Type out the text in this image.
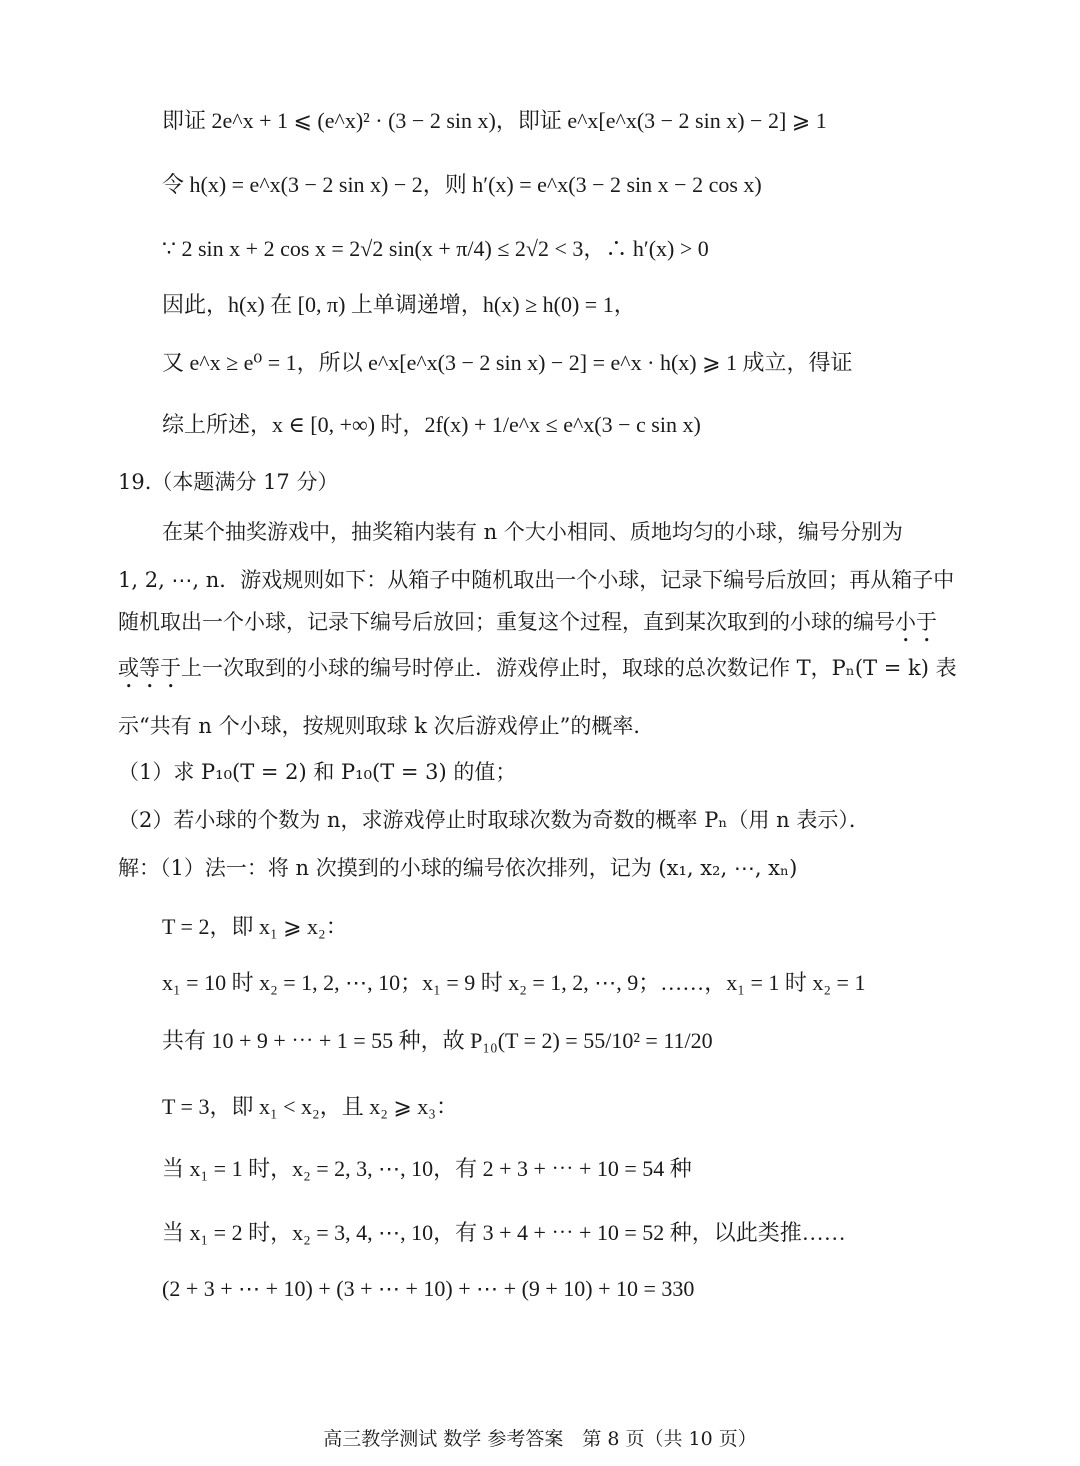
即证 2e^x + 1 ⩽ (e^x)² · (3 − 2 sin x)，即证 e^x[e^x(3 − 2 sin x) − 2] ⩾ 1
令 h(x) = e^x(3 − 2 sin x) − 2，则 h′(x) = e^x(3 − 2 sin x − 2 cos x)
∵ 2 sin x + 2 cos x = 2√2 sin(x + π/4) ≤ 2√2 < 3，∴ h′(x) > 0
因此，h(x) 在 [0, π) 上单调递增，h(x) ≥ h(0) = 1，
又 e^x ≥ e⁰ = 1，所以 e^x[e^x(3 − 2 sin x) − 2] = e^x · h(x) ⩾ 1 成立，得证
综上所述，x ∈ [0, +∞) 时，2f(x) + 1/e^x ≤ e^x(3 − c sin x)
19.（本题满分 17 分）
在某个抽奖游戏中，抽奖箱内装有 n 个大小相同、质地均匀的小球，编号分别为
1, 2, ⋯, n．游戏规则如下：从箱子中随机取出一个小球，记录下编号后放回；再从箱子中
随机取出一个小球，记录下编号后放回；重复这个过程，直到某次取到的小球的编号小于
或等于上一次取到的小球的编号时停止．游戏停止时，取球的总次数记作 T，Pₙ(T = k) 表
示“共有 n 个小球，按规则取球 k 次后游戏停止”的概率．
（1）求 P₁₀(T = 2) 和 P₁₀(T = 3) 的值；
（2）若小球的个数为 n，求游戏停止时取球次数为奇数的概率 Pₙ（用 n 表示）．
解：（1）法一：将 n 次摸到的小球的编号依次排列，记为 (x₁, x₂, ⋯, xₙ)
T = 2，即 x₁ ⩾ x₂：
x₁ = 10 时 x₂ = 1, 2, ⋯, 10；x₁ = 9 时 x₂ = 1, 2, ⋯, 9；……，x₁ = 1 时 x₂ = 1
共有 10 + 9 + ⋯ + 1 = 55 种，故 P₁₀(T = 2) = 55/10² = 11/20
T = 3，即 x₁ < x₂，且 x₂ ⩾ x₃：
当 x₁ = 1 时，x₂ = 2, 3, ⋯, 10，有 2 + 3 + ⋯ + 10 = 54 种
当 x₁ = 2 时，x₂ = 3, 4, ⋯, 10，有 3 + 4 + ⋯ + 10 = 52 种，以此类推……
(2 + 3 + ⋯ + 10) + (3 + ⋯ + 10) + ⋯ + (9 + 10) + 10 = 330
高三教学测试 数学 参考答案　第 8 页（共 10 页）
